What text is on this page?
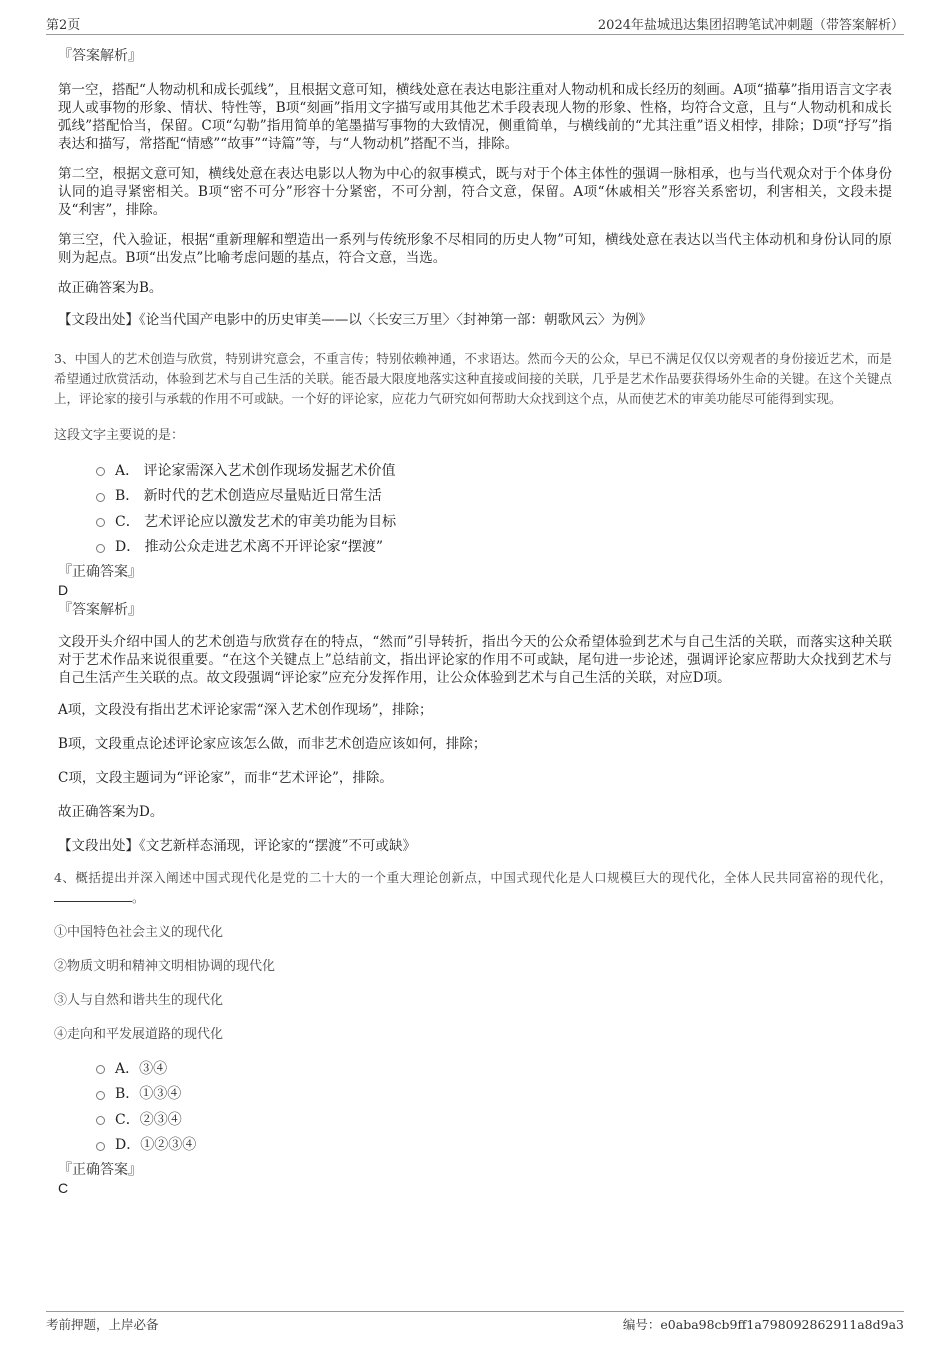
第2页	2024年盐城迅达集团招聘笔试冲刺题（带答案解析）

『答案解析』

第一空，搭配“人物动机和成长弧线”，且根据文意可知，横线处意在表达电影注重对人物动机和成长经历的刻画。A项“描摹”指用语言文字表现人或事物的形象、情状、特性等，B项“刻画”指用文字描写或用其他艺术手段表现人物的形象、性格，均符合文意，且与“人物动机和成长弧线”搭配恰当，保留。C项“勾勒”指用简单的笔墨描写事物的大致情况，侧重简单，与横线前的“尤其注重”语义相悖，排除；D项“抒写”指表达和描写，常搭配“情感”“故事”“诗篇”等，与“人物动机”搭配不当，排除。

第二空，根据文意可知，横线处意在表达电影以人物为中心的叙事模式，既与对于个体主体性的强调一脉相承，也与当代观众对于个体身份认同的追寻紧密相关。B项“密不可分”形容十分紧密，不可分割，符合文意，保留。A项“休戚相关”形容关系密切，利害相关，文段未提及“利害”，排除。

第三空，代入验证，根据“重新理解和塑造出一系列与传统形象不尽相同的历史人物”可知，横线处意在表达以当代主体动机和身份认同的原则为起点。B项“出发点”比喻考虑问题的基点，符合文意，当选。

故正确答案为B。

【文段出处】《论当代国产电影中的历史审美——以〈长安三万里〉〈封神第一部：朝歌风云〉为例》

3、中国人的艺术创造与欣赏，特别讲究意会，不重言传；特别依赖神通，不求语达。然而今天的公众，早已不满足仅仅以旁观者的身份接近艺术，而是希望通过欣赏活动，体验到艺术与自己生活的关联。能否最大限度地落实这种直接或间接的关联，几乎是艺术作品要获得场外生命的关键。在这个关键点上，评论家的接引与承载的作用不可或缺。一个好的评论家，应花力气研究如何帮助大众找到这个点，从而使艺术的审美功能尽可能得到实现。

这段文字主要说的是：

A． 评论家需深入艺术创作现场发掘艺术价值
B． 新时代的艺术创造应尽量贴近日常生活
C． 艺术评论应以激发艺术的审美功能为目标
D． 推动公众走进艺术离不开评论家“摆渡”

『正确答案』

D

『答案解析』

文段开头介绍中国人的艺术创造与欣赏存在的特点，“然而”引导转折，指出今天的公众希望体验到艺术与自己生活的关联，而落实这种关联对于艺术作品来说很重要。“在这个关键点上”总结前文，指出评论家的作用不可或缺，尾句进一步论述，强调评论家应帮助大众找到艺术与自己生活产生关联的点。故文段强调“评论家”应充分发挥作用，让公众体验到艺术与自己生活的关联，对应D项。

A项，文段没有指出艺术评论家需“深入艺术创作现场”，排除；

B项，文段重点论述评论家应该怎么做，而非艺术创造应该如何，排除；

C项，文段主题词为“评论家”，而非“艺术评论”，排除。

故正确答案为D。

【文段出处】《文艺新样态涌现，评论家的“摆渡”不可或缺》

4、概括提出并深入阐述中国式现代化是党的二十大的一个重大理论创新点，中国式现代化是人口规模巨大的现代化，全体人民共同富裕的现代化，。

①中国特色社会主义的现代化

②物质文明和精神文明相协调的现代化

③人与自然和谐共生的现代化

④走向和平发展道路的现代化

A．③④
B．①③④
C．②③④
D．①②③④

『正确答案』

C

考前押题，上岸必备	编号：e0aba98cb9ff1a798092862911a8d9a3
